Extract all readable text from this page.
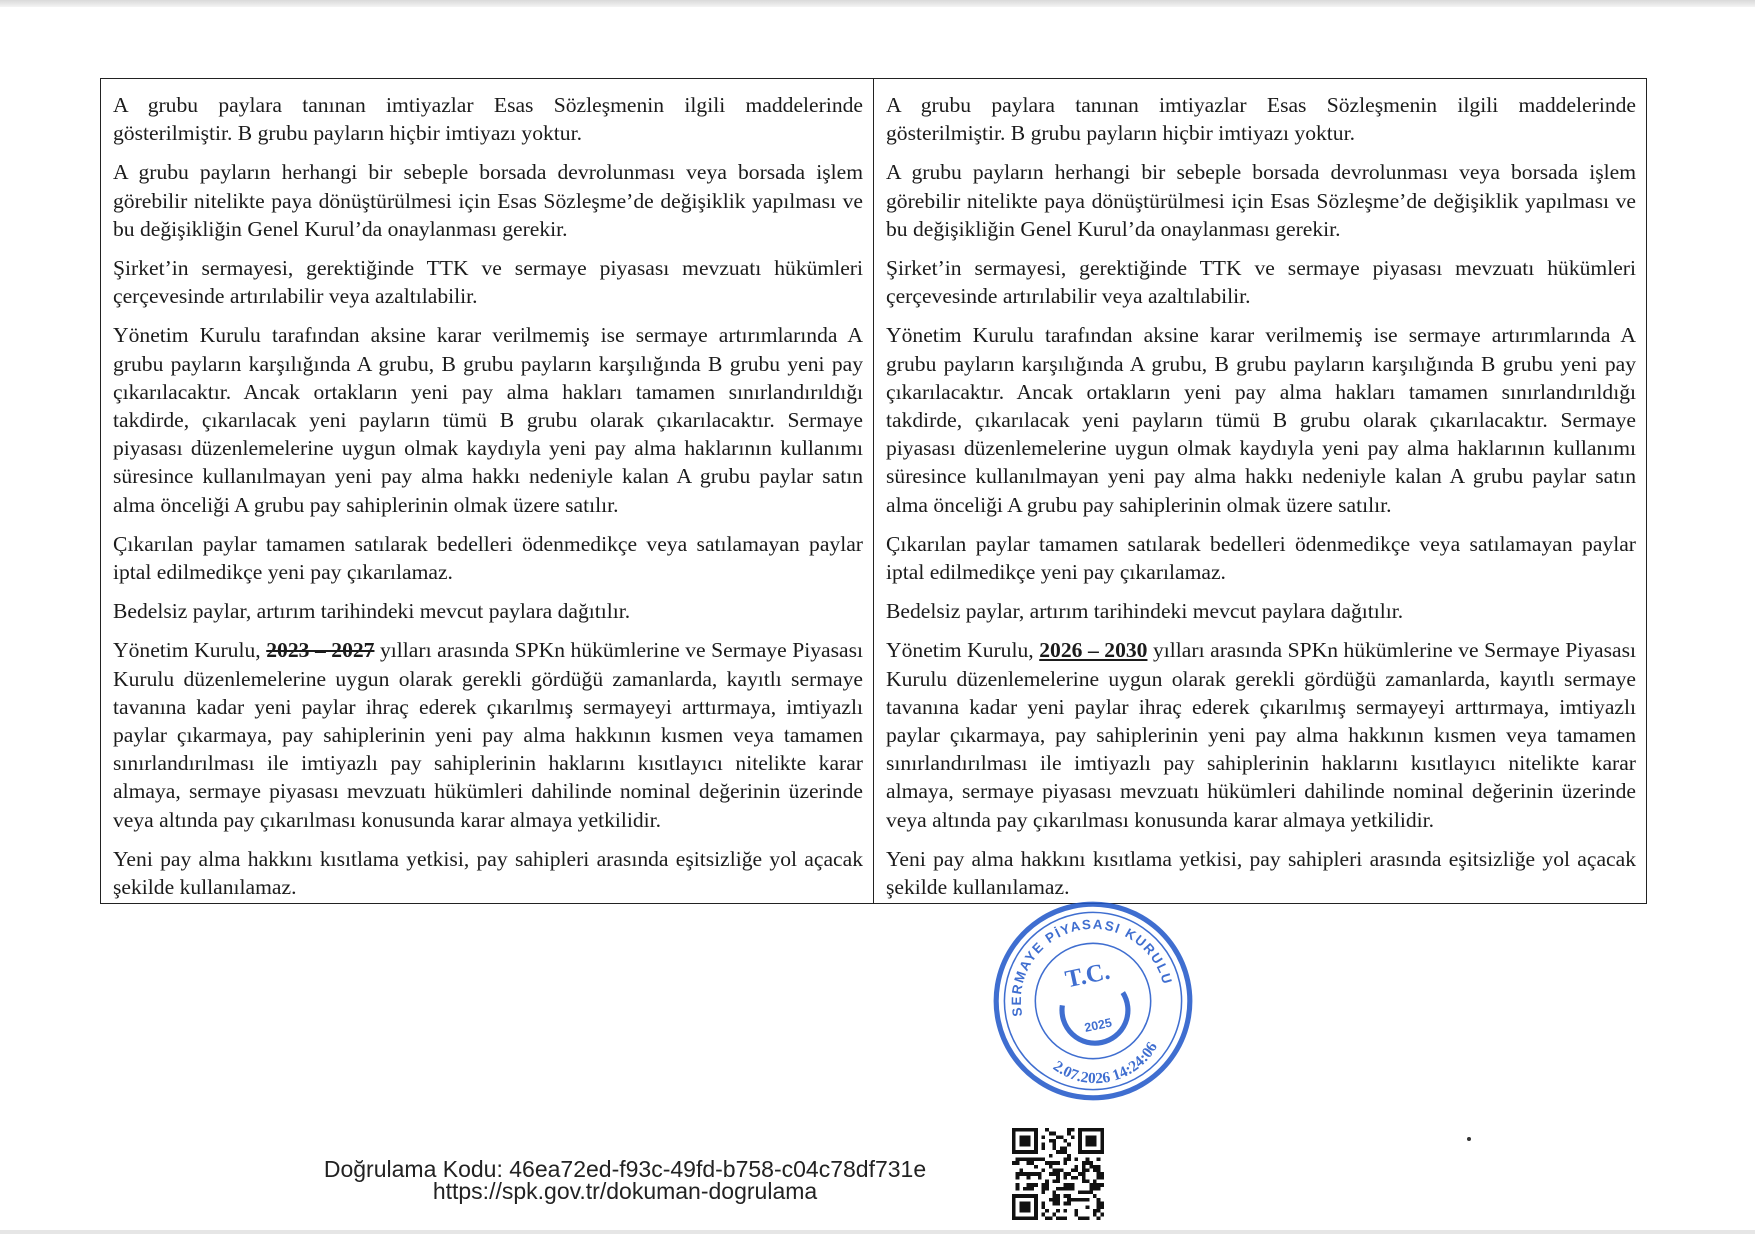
A grubu paylara tanınan imtiyazlar Esas Sözleşmenin ilgili maddelerinde gösterilmiştir. B grubu payların hiçbir imtiyazı yoktur.

A grubu payların herhangi bir sebeple borsada devrolunması veya borsada işlem görebilir nitelikte paya dönüştürülmesi için Esas Sözleşme’de değişiklik yapılması ve bu değişikliğin Genel Kurul’da onaylanması gerekir.

Şirket’in sermayesi, gerektiğinde TTK ve sermaye piyasası mevzuatı hükümleri çerçevesinde artırılabilir veya azaltılabilir.

Yönetim Kurulu tarafından aksine karar verilmemiş ise sermaye artırımlarında A grubu payların karşılığında A grubu, B grubu payların karşılığında B grubu yeni pay çıkarılacaktır. Ancak ortakların yeni pay alma hakları tamamen sınırlandırıldığı takdirde, çıkarılacak yeni payların tümü B grubu olarak çıkarılacaktır. Sermaye piyasası düzenlemelerine uygun olmak kaydıyla yeni pay alma haklarının kullanımı süresince kullanılmayan yeni pay alma hakkı nedeniyle kalan A grubu paylar satın alma önceliği A grubu pay sahiplerinin olmak üzere satılır.

Çıkarılan paylar tamamen satılarak bedelleri ödenmedikçe veya satılamayan paylar iptal edilmedikçe yeni pay çıkarılamaz.

Bedelsiz paylar, artırım tarihindeki mevcut paylara dağıtılır.

Yönetim Kurulu, 2023 – 2027 yılları arasında SPKn hükümlerine ve Sermaye Piyasası Kurulu düzenlemelerine uygun olarak gerekli gördüğü zamanlarda, kayıtlı sermaye tavanına kadar yeni paylar ihraç ederek çıkarılmış sermayeyi arttırmaya, imtiyazlı paylar çıkarmaya, pay sahiplerinin yeni pay alma hakkının kısmen veya tamamen sınırlandırılması ile imtiyazlı pay sahiplerinin haklarını kısıtlayıcı nitelikte karar almaya, sermaye piyasası mevzuatı hükümleri dahilinde nominal değerinin üzerinde veya altında pay çıkarılması konusunda karar almaya yetkilidir.

Yeni pay alma hakkını kısıtlama yetkisi, pay sahipleri arasında eşitsizliğe yol açacak şekilde kullanılamaz.

A grubu paylara tanınan imtiyazlar Esas Sözleşmenin ilgili maddelerinde gösterilmiştir. B grubu payların hiçbir imtiyazı yoktur.

A grubu payların herhangi bir sebeple borsada devrolunması veya borsada işlem görebilir nitelikte paya dönüştürülmesi için Esas Sözleşme’de değişiklik yapılması ve bu değişikliğin Genel Kurul’da onaylanması gerekir.

Şirket’in sermayesi, gerektiğinde TTK ve sermaye piyasası mevzuatı hükümleri çerçevesinde artırılabilir veya azaltılabilir.

Yönetim Kurulu tarafından aksine karar verilmemiş ise sermaye artırımlarında A grubu payların karşılığında A grubu, B grubu payların karşılığında B grubu yeni pay çıkarılacaktır. Ancak ortakların yeni pay alma hakları tamamen sınırlandırıldığı takdirde, çıkarılacak yeni payların tümü B grubu olarak çıkarılacaktır. Sermaye piyasası düzenlemelerine uygun olmak kaydıyla yeni pay alma haklarının kullanımı süresince kullanılmayan yeni pay alma hakkı nedeniyle kalan A grubu paylar satın alma önceliği A grubu pay sahiplerinin olmak üzere satılır.

Çıkarılan paylar tamamen satılarak bedelleri ödenmedikçe veya satılamayan paylar iptal edilmedikçe yeni pay çıkarılamaz.

Bedelsiz paylar, artırım tarihindeki mevcut paylara dağıtılır.

Yönetim Kurulu, 2026 – 2030 yılları arasında SPKn hükümlerine ve Sermaye Piyasası Kurulu düzenlemelerine uygun olarak gerekli gördüğü zamanlarda, kayıtlı sermaye tavanına kadar yeni paylar ihraç ederek çıkarılmış sermayeyi arttırmaya, imtiyazlı paylar çıkarmaya, pay sahiplerinin yeni pay alma hakkının kısmen veya tamamen sınırlandırılması ile imtiyazlı pay sahiplerinin haklarını kısıtlayıcı nitelikte karar almaya, sermaye piyasası mevzuatı hükümleri dahilinde nominal değerinin üzerinde veya altında pay çıkarılması konusunda karar almaya yetkilidir.

Yeni pay alma hakkını kısıtlama yetkisi, pay sahipleri arasında eşitsizliğe yol açacak şekilde kullanılamaz.

SERMAYE PİYASASI KURULU
T.C.
2025
2.07.2026 14:24:06
Doğrulama Kodu: 46ea72ed-f93c-49fd-b758-c04c78df731e
https://spk.gov.tr/dokuman-dogrulama
